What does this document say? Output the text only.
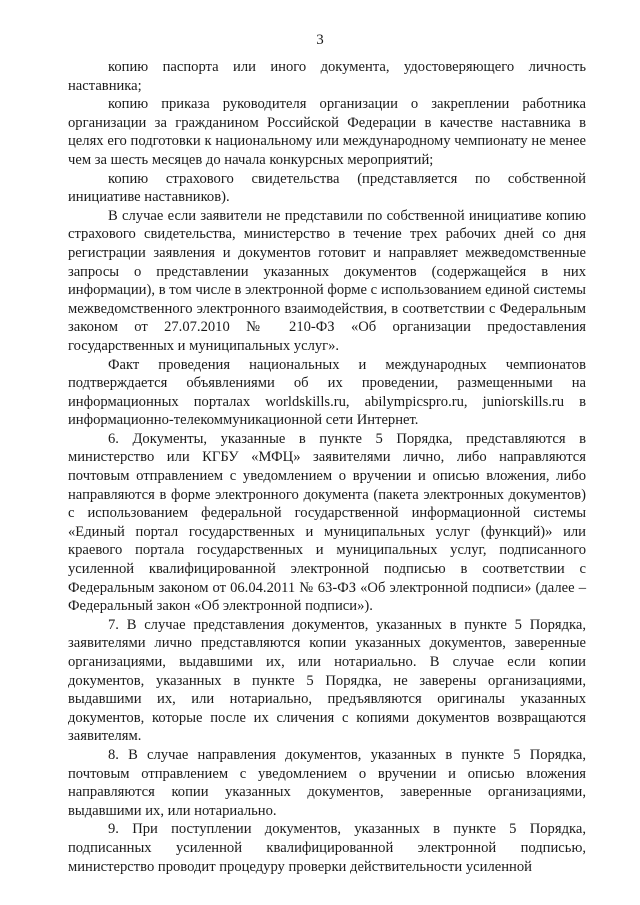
3

копию паспорта или иного документа, удостоверяющего личность наставника;

копию приказа руководителя организации о закреплении работника организации за гражданином Российской Федерации в качестве наставника в целях его подготовки к национальному или международному чемпионату не менее чем за шесть месяцев до начала конкурсных мероприятий;

копию страхового свидетельства (представляется по собственной инициативе наставников).

В случае если заявители не представили по собственной инициативе копию страхового свидетельства, министерство в течение трех рабочих дней со дня регистрации заявления и документов готовит и направляет межведомственные запросы о представлении указанных документов (содержащейся в них информации), в том числе в электронной форме с использованием единой системы межведомственного электронного взаимодействия, в соответствии с Федеральным законом от 27.07.2010 № 210-ФЗ «Об организации предоставления государственных и муниципальных услуг».

Факт проведения национальных и международных чемпионатов подтверждается объявлениями об их проведении, размещенными на информационных порталах worldskills.ru, abilympicspro.ru, juniorskills.ru в информационно-телекоммуникационной сети Интернет.

6. Документы, указанные в пункте 5 Порядка, представляются в министерство или КГБУ «МФЦ» заявителями лично, либо направляются почтовым отправлением с уведомлением о вручении и описью вложения, либо направляются в форме электронного документа (пакета электронных документов) с использованием федеральной государственной информационной системы «Единый портал государственных и муниципальных услуг (функций)» или краевого портала государственных и муниципальных услуг, подписанного усиленной квалифицированной электронной подписью в соответствии с Федеральным законом от 06.04.2011 № 63-ФЗ «Об электронной подписи» (далее – Федеральный закон «Об электронной подписи»).

7. В случае представления документов, указанных в пункте 5 Порядка, заявителями лично представляются копии указанных документов, заверенные организациями, выдавшими их, или нотариально. В случае если копии документов, указанных в пункте 5 Порядка, не заверены организациями, выдавшими их, или нотариально, предъявляются оригиналы указанных документов, которые после их сличения с копиями документов возвращаются заявителям.

8. В случае направления документов, указанных в пункте 5 Порядка, почтовым отправлением с уведомлением о вручении и описью вложения направляются копии указанных документов, заверенные организациями, выдавшими их, или нотариально.

9. При поступлении документов, указанных в пункте 5 Порядка, подписанных усиленной квалифицированной электронной подписью, министерство проводит процедуру проверки действительности усиленной
